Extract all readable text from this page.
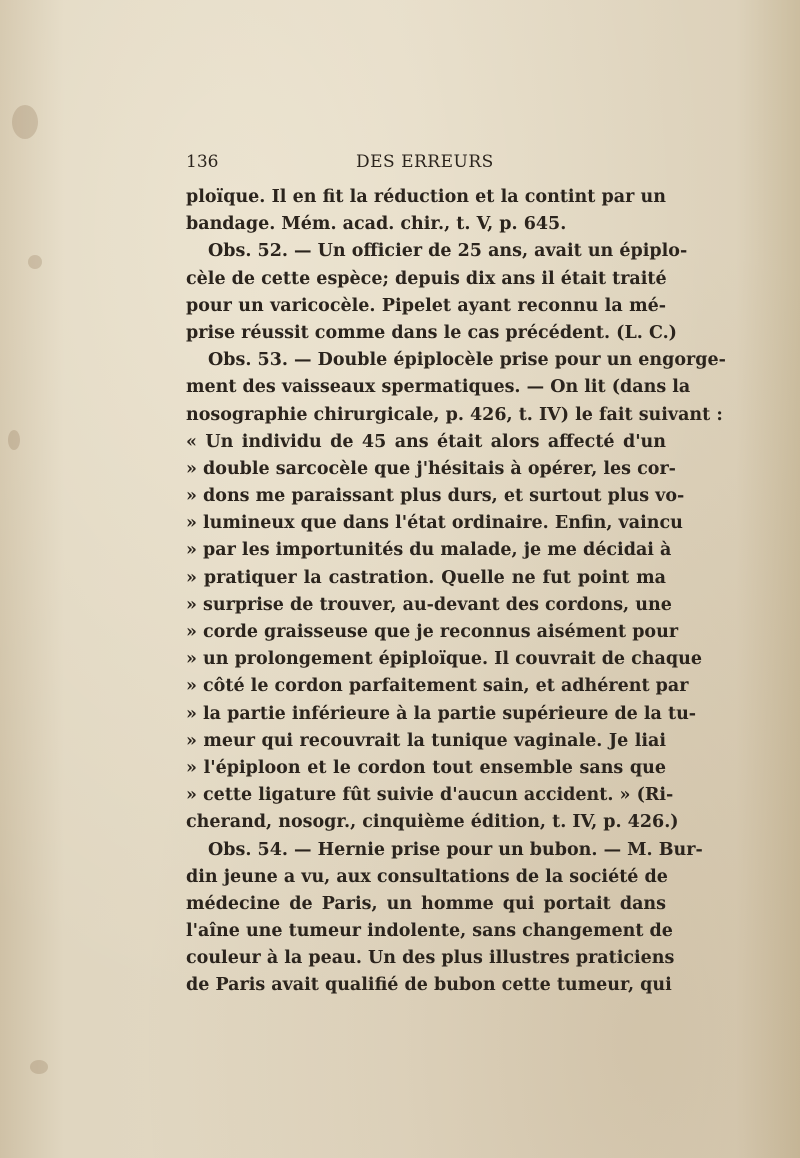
136	DES ERREURS
ploïque. Il en fit la réduction et la contint par un
bandage. Mém. acad. chir., t. V, p. 645.
Obs. 52. — Un officier de 25 ans, avait un épiplo-
cèle de cette espèce; depuis dix ans il était traité
pour un varicocèle. Pipelet ayant reconnu la mé-
prise réussit comme dans le cas précédent. (L. C.)
Obs. 53. — Double épiplocèle prise pour un engorge-
ment des vaisseaux spermatiques. — On lit (dans la
nosographie chirurgicale, p. 426, t. IV) le fait suivant :
« Un individu de 45 ans était alors affecté d'un
» double sarcocèle que j'hésitais à opérer, les cor-
» dons me paraissant plus durs, et surtout plus vo-
» lumineux que dans l'état ordinaire. Enfin, vaincu
» par les importunités du malade, je me décidai à
» pratiquer la castration. Quelle ne fut point ma
» surprise de trouver, au-devant des cordons, une
» corde graisseuse que je reconnus aisément pour
» un prolongement épiploïque. Il couvrait de chaque
» côté le cordon parfaitement sain, et adhérent par
» la partie inférieure à la partie supérieure de la tu-
» meur qui recouvrait la tunique vaginale. Je liai
» l'épiploon et le cordon tout ensemble sans que
» cette ligature fût suivie d'aucun accident. » (Ri-
cherand, nosogr., cinquième édition, t. IV, p. 426.)
Obs. 54. — Hernie prise pour un bubon. — M. Bur-
din jeune a vu, aux consultations de la société de
médecine de Paris, un homme qui portait dans
l'aîne une tumeur indolente, sans changement de
couleur à la peau. Un des plus illustres praticiens
de Paris avait qualifié de bubon cette tumeur, qui
